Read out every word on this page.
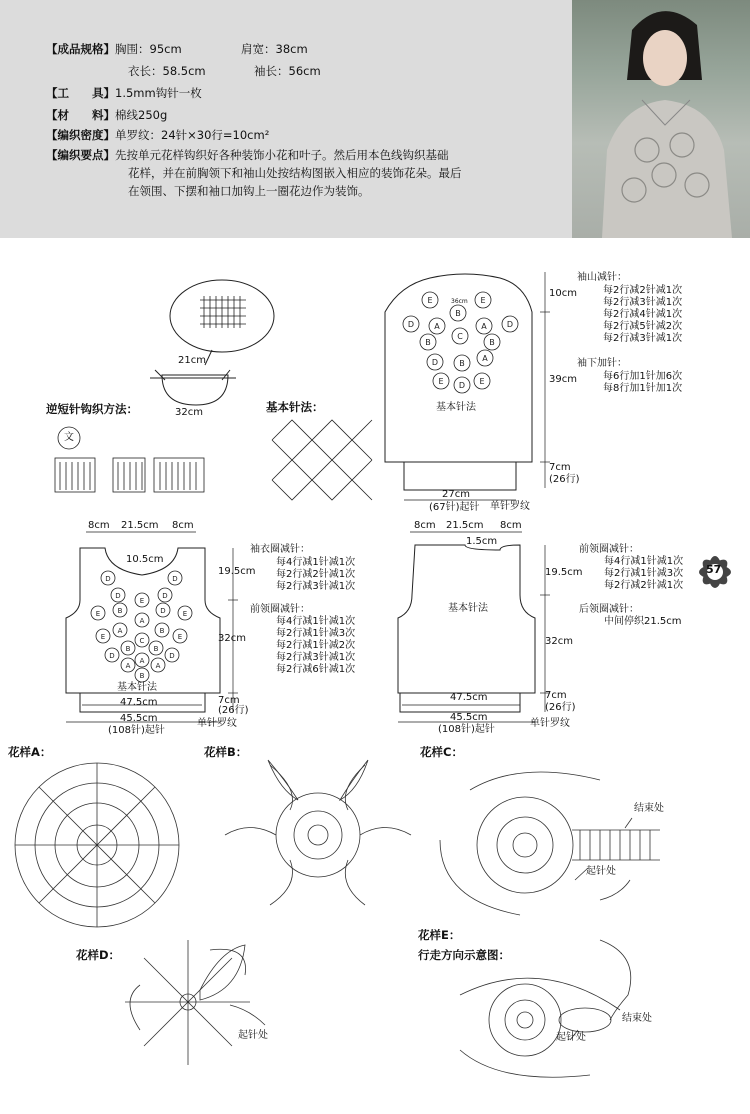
【成品规格】胸围：95cm	肩宽：38cm
衣长：58.5cm	袖长：56cm
【工　　具】1.5mm钩针一枚
【材　　料】棉线250g
【编织密度】单罗纹：24针×30行=10cm²
【编织要点】先按单元花样钩织好各种装饰小花和叶子。然后用本色线钩织基础
花样，并在前胸领下和袖山处按结构图嵌入相应的装饰花朵。最后
在领围、下摆和袖口加钩上一圈花边作为装饰。
E	E
B
D	A
C
A	D
B	B
D	B
A
E	E
D
D	D
D
E
D
E B
A
D E
E
A
C
B
E
D
B
A
B
D
A	A
B
21cm
32cm
逆短针钩织方法：
文
基本针法：
36cm
基本针法
10cm
39cm
7cm
(26行)
27cm
(67针)起针 单针罗纹
袖山减针：
每2行减2针减1次
每2行减3针减1次
每2行减4针减1次
每2行减5针减2次
每2行减3针减1次
袖下加针：
每6行加1针加6次
每8行加1针加1次
8cm 21.5cm 8cm
10.5cm
19.5cm
32cm
7cm
(26行)
基本针法
47.5cm
45.5cm
(108针)起针
单针罗纹
袖衣圈减针：
每4行减1针减1次
每2行减2针减1次
每2行减3针减1次
前领圈减针：
每4行减1针减1次
每2行减1针减3次
每2行减1针减2次
每2行减3针减1次
每2行减6针减1次
8cm 21.5cm 8cm
1.5cm
基本针法
19.5cm
32cm
7cm
(26行)
47.5cm
45.5cm
(108针)起针
单针罗纹
前领圈减针：
每4行减1针减1次
每2行减1针减3次
每2行减2针减1次
后领圈减针：
中间停织21.5cm
57
花样A：	花样B：	花样C：
结束处
起针处
花样D：
起针处
花样E：
行走方向示意图：
结束处
起针处
